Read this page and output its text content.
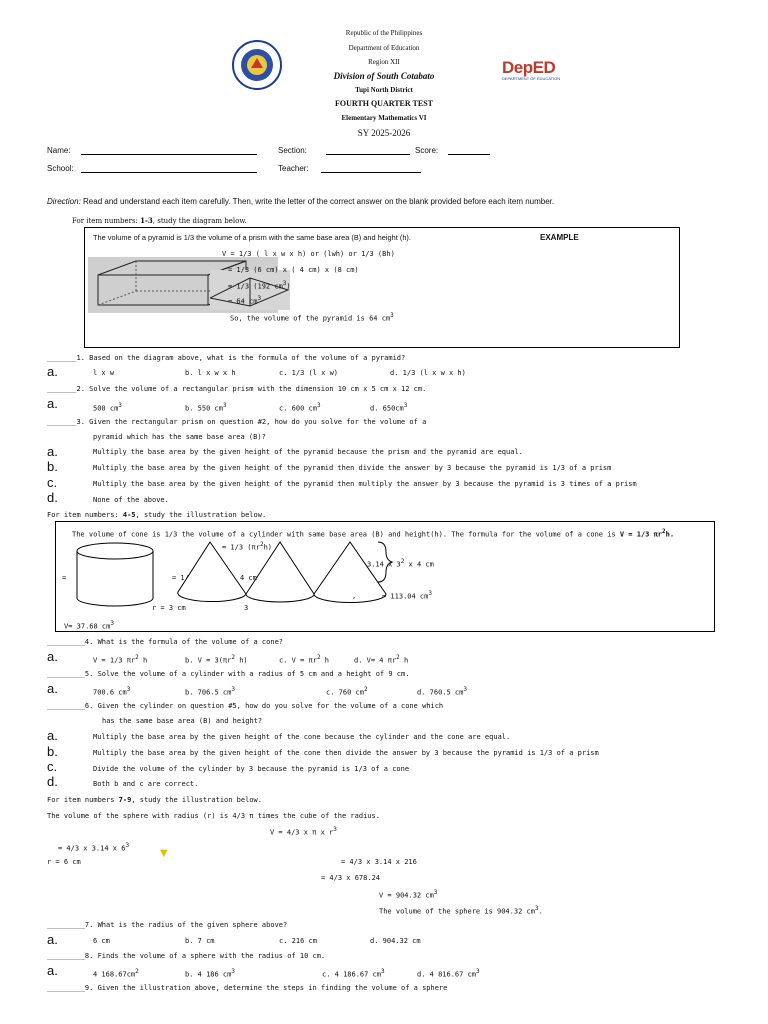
Republic of the Philippines
Department of Education
Region XII
Division of South Cotabato
Tupi North District
FOURTH QUARTER TEST
Elementary Mathematics VI
SY 2025-2026
DepED
DEPARTMENT OF EDUCATION
Name:	Section:	Score:
School:	Teacher:
Direction: Read and understand each item carefully. Then, write the letter of the correct answer on the blank provided before each item number.
For item numbers: 1-3, study the diagram below.
The volume of a pyramid is 1/3 the volume of a prism with the same base area (B) and height (h).	EXAMPLE
V = 1/3 ( l x w x h) or (lwh) or 1/3 (Bh)
= 1/3 (6 cm) x ( 4 cm) x (8 cm)
= 1/3 (192 $cm^3$)
= 64 $cm^3$
So, the volume of the pyramid is 64 $cm^3$
_______1. Based on the diagram above, what is the formula of the volume of a pyramid?
a.	l x w	b. l x w x h	c. 1/3 (l x w)	d. 1/3 (l x w x h)
_______2. Solve the volume of a rectangular prism with the dimension 10 cm x 5 cm x 12 cm.
a.	500 $cm^3$	b. 550 $cm^3$	c. 600 $cm^3$	d. $650cm^3$
_______3. Given the rectangular prism on question #2, how do you solve for the volume of a
pyramid which has the same base area (B)?
a.	Multiply the base area by the given height of the pyramid because the prism and the pyramid are equal.
b.	Multiply the base area by the given height of the pyramid then divide the answer by 3 because the pyramid is 1/3 of a prism
c.	Multiply the base area by the given height of the pyramid then multiply the answer by 3 because the pyramid is 3 times of a prism
d.	None of the above.
For item numbers: 4-5, study the illustration below.
The volume of cone is 1/3 the volume of a cylinder with same base area (B) and height(h). The formula for the volume of a cone is V = 1/3 $\pi r^2h$.
=	= 1/	4 cm
= 1/3 $(\pi r^2h)$
3.14 x $3^2$ x 4 cm
= 113.04 $cm^3$
r = 3 cm	3
,
V= 37.68 $cm^3$
_________4. What is the formula of the volume of a cone?
a.	V = 1/3 $\pi r^2$ h	b. $V = 3(\pi r^2$ h)	c. $V = \pi r^2$ h	d. V= 4 $\pi r^2$ h
_________5. Solve the volume of a cylinder with a radius of 5 cm and a height of 9 cm.
a.	700.6 $cm^3$	b. 706.5 $cm^3$	c. 760 $cm^2$	d. 760.5 $cm^3$
_________6. Given the cylinder on question #5, how do you solve for the volume of a cone which
has the same base area (B) and height?
a.	Multiply the base area by the given height of the cone because the cylinder and the cone are equal.
b.	Multiply the base area by the given height of the cone then divide the answer by 3 because the pyramid is 1/3 of a prism
c.	Divide the volume of the cylinder by 3 because the pyramid is 1/3 of a cone
d.	Both b and c are correct.
For item numbers 7-9, study the illustration below.
The volume of the sphere with radius (r) is 4/3 π times the cube of the radius.
V = 4/3 x π x $r^3$
= 4/3 x 3.14 x $6^3$
▼
r = 6 cm	= 4/3 x 3.14 x 216
= 4/3 x 678.24
V = 904.32 $cm^3$
The volume of the sphere is 904.32 $cm^3$.
_________7. What is the radius of the given sphere above?
a.	6 cm	b. 7 cm	c. 216 cm	d. 904.32 cm
_________8. Finds the volume of a sphere with the radius of 10 cm.
a.	4 $168.67cm^2$	b. 4 186 $cm^3$	c. 4 186.67 $cm^3$	d. 4 816.67 $cm^3$
_________9. Given the illustration above, determine the steps in finding the volume of a sphere
